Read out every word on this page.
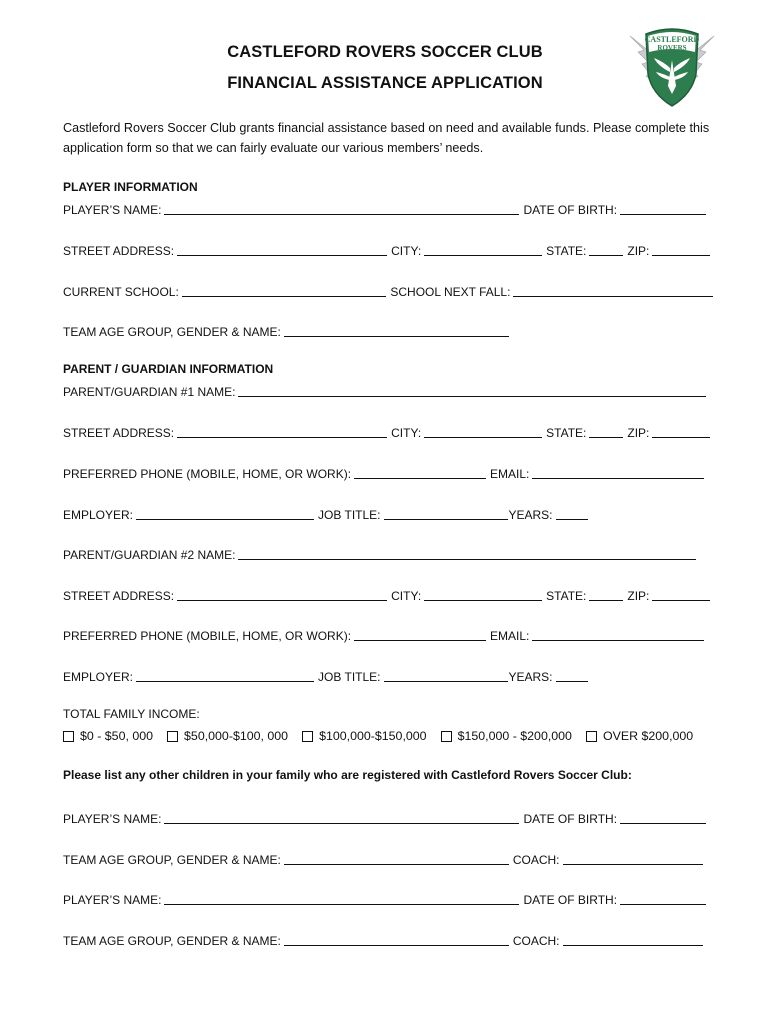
CASTLEFORD ROVERS SOCCER CLUB
FINANCIAL ASSISTANCE APPLICATION
CASTLEFORD
ROVERS
Castleford Rovers Soccer Club grants financial assistance based on need and available funds. Please complete this application form so that we can fairly evaluate our various members’ needs.
PLAYER INFORMATION
PLAYER’S NAME:	DATE OF BIRTH:
STREET ADDRESS:	CITY:	STATE:	ZIP:
CURRENT SCHOOL:	SCHOOL NEXT FALL:
TEAM AGE GROUP, GENDER & NAME:
PARENT / GUARDIAN INFORMATION
PARENT/GUARDIAN #1 NAME:
STREET ADDRESS:	CITY:	STATE:	ZIP:
PREFERRED PHONE (MOBILE, HOME, OR WORK):	EMAIL:
EMPLOYER:	JOB TITLE:	YEARS:
PARENT/GUARDIAN #2 NAME:
STREET ADDRESS:	CITY:	STATE:	ZIP:
PREFERRED PHONE (MOBILE, HOME, OR WORK):	EMAIL:
EMPLOYER:	JOB TITLE:	YEARS:
TOTAL FAMILY INCOME:
$0 - $50, 000	$50,000-$100, 000	$100,000-$150,000	$150,000 - $200,000	OVER $200,000
Please list any other children in your family who are registered with Castleford Rovers Soccer Club:
PLAYER’S NAME:	DATE OF BIRTH:
TEAM AGE GROUP, GENDER & NAME:	COACH:
PLAYER’S NAME:	DATE OF BIRTH:
TEAM AGE GROUP, GENDER & NAME:	COACH:
